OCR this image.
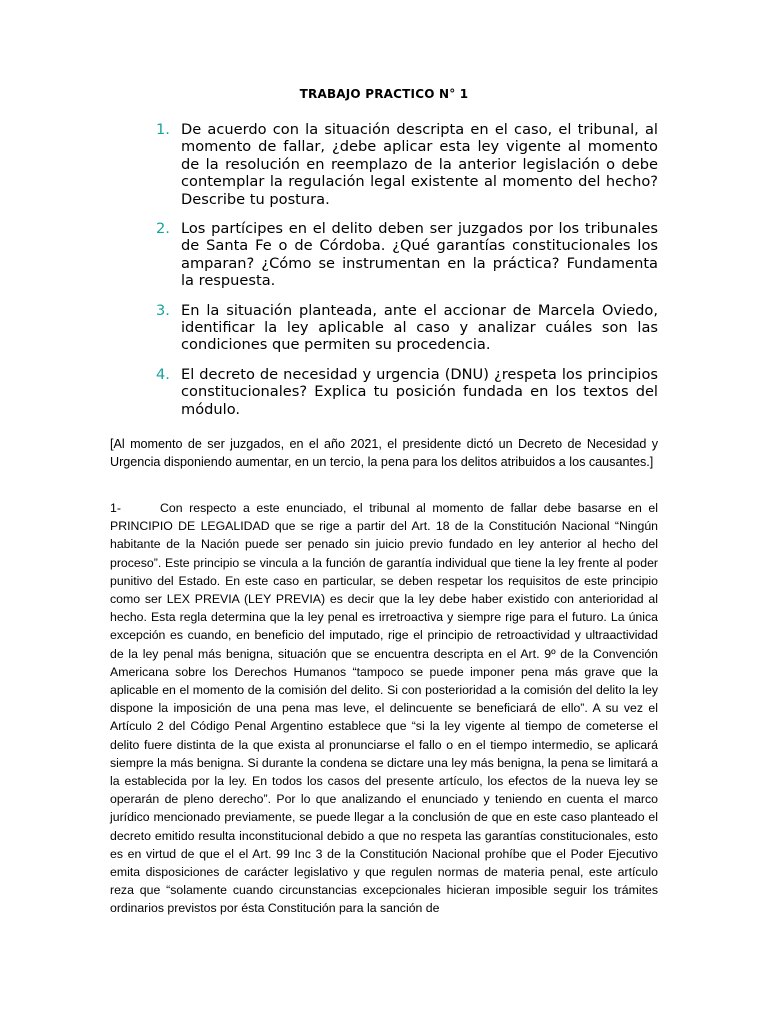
TRABAJO PRACTICO N° 1
1. De acuerdo con la situación descripta en el caso, el tribunal, al momento de fallar, ¿debe aplicar esta ley vigente al momento de la resolución en reemplazo de la anterior legislación o debe contemplar la regulación legal existente al momento del hecho? Describe tu postura.
2. Los partícipes en el delito deben ser juzgados por los tribunales de Santa Fe o de Córdoba. ¿Qué garantías constitucionales los amparan? ¿Cómo se instrumentan en la práctica? Fundamenta la respuesta.
3. En la situación planteada, ante el accionar de Marcela Oviedo, identificar la ley aplicable al caso y analizar cuáles son las condiciones que permiten su procedencia.
4. El decreto de necesidad y urgencia (DNU) ¿respeta los principios constitucionales? Explica tu posición fundada en los textos del módulo.
[Al momento de ser juzgados, en el año 2021, el presidente dictó un Decreto de Necesidad y Urgencia disponiendo aumentar, en un tercio, la pena para los delitos atribuidos a los causantes.]
1-	Con respecto a este enunciado, el tribunal al momento de fallar debe basarse en el PRINCIPIO DE LEGALIDAD que se rige a partir del Art. 18 de la Constitución Nacional “Ningún habitante de la Nación puede ser penado sin juicio previo fundado en ley anterior al hecho del proceso”. Este principio se vincula a la función de garantía individual que tiene la ley frente al poder punitivo del Estado. En este caso en particular, se deben respetar los requisitos de este principio como ser LEX PREVIA (LEY PREVIA) es decir que la ley debe haber existido con anterioridad al hecho. Esta regla determina que la ley penal es irretroactiva y siempre rige para el futuro. La única excepción es cuando, en beneficio del imputado, rige el principio de retroactividad y ultraactividad de la ley penal más benigna, situación que se encuentra descripta en el Art. 9º de la Convención Americana sobre los Derechos Humanos “tampoco se puede imponer pena más grave que la aplicable en el momento de la comisión del delito. Si con posterioridad a la comisión del delito la ley dispone la imposición de una pena mas leve, el delincuente se beneficiará de ello”. A su vez el Artículo 2 del Código Penal Argentino establece que “si la ley vigente al tiempo de cometerse el delito fuere distinta de la que exista al pronunciarse el fallo o en el tiempo intermedio, se aplicará siempre la más benigna. Si durante la condena se dictare una ley más benigna, la pena se limitará a la establecida por la ley. En todos los casos del presente artículo, los efectos de la nueva ley se operarán de pleno derecho”. Por lo que analizando el enunciado y teniendo en cuenta el marco jurídico mencionado previamente, se puede llegar a la conclusión de que en este caso planteado el decreto emitido resulta inconstitucional debido a que no respeta las garantías constitucionales, esto es en virtud de que el el Art. 99 Inc 3 de la Constitución Nacional prohíbe que el Poder Ejecutivo emita disposiciones de carácter legislativo y que regulen normas de materia penal, este artículo reza que “solamente cuando circunstancias excepcionales hicieran imposible seguir los trámites ordinarios previstos por ésta Constitución para la sanción de
